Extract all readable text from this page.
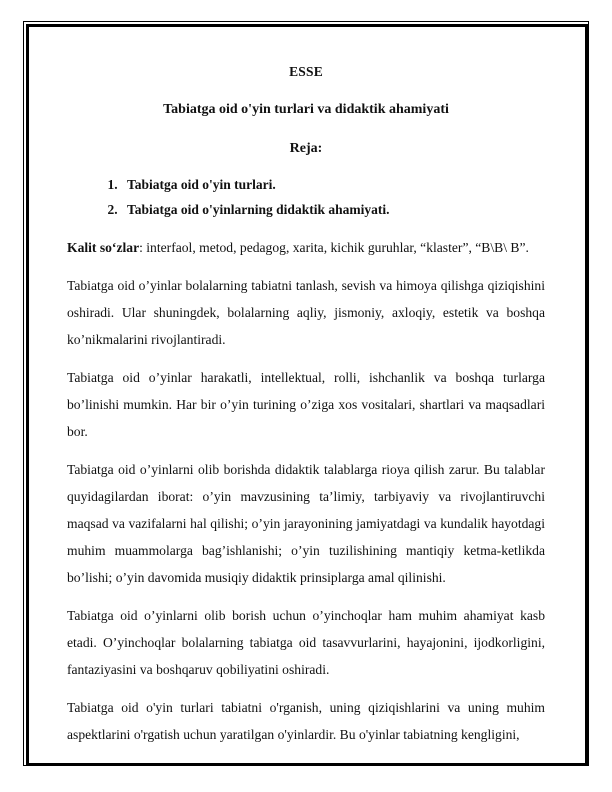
ESSE
Tabiatga oid o'yin turlari va didaktik ahamiyati
Reja:
1. Tabiatga oid o'yin turlari.
2. Tabiatga oid o'yinlarning didaktik ahamiyati.

Kalit soʻzlar: interfaol, metod, pedagog, xarita, kichik guruhlar, “klaster”, “B\B\ B”.

Tabiatga oid o’yinlar bolalarning tabiatni tanlash, sevish va himoya qilishga qiziqishini oshiradi. Ular shuningdek, bolalarning aqliy, jismoniy, axloqiy, estetik va boshqa ko’nikmalarini rivojlantiradi.

Tabiatga oid o’yinlar harakatli, intellektual, rolli, ishchanlik va boshqa turlarga bo’linishi mumkin. Har bir o’yin turining o’ziga xos vositalari, shartlari va maqsadlari bor.

Tabiatga oid o’yinlarni olib borishda didaktik talablarga rioya qilish zarur. Bu talablar quyidagilardan iborat: o’yin mavzusining ta’limiy, tarbiyaviy va rivojlantiruvchi maqsad va vazifalarni hal qilishi; o’yin jarayonining jamiyatdagi va kundalik hayotdagi muhim muammolarga bag’ishlanishi; o’yin tuzilishining mantiqiy ketma-ketlikda bo’lishi; o’yin davomida musiqiy didaktik prinsiplarga amal qilinishi.

Tabiatga oid o’yinlarni olib borish uchun o’yinchoqlar ham muhim ahamiyat kasb etadi. O’yinchoqlar bolalarning tabiatga oid tasavvurlarini, hayajonini, ijodkorligini, fantaziyasini va boshqaruv qobiliyatini oshiradi.

Tabiatga oid o'yin turlari tabiatni o'rganish, uning qiziqishlarini va uning muhim aspektlarini o'rgatish uchun yaratilgan o'yinlardir. Bu o'yinlar tabiatning kengligini,
